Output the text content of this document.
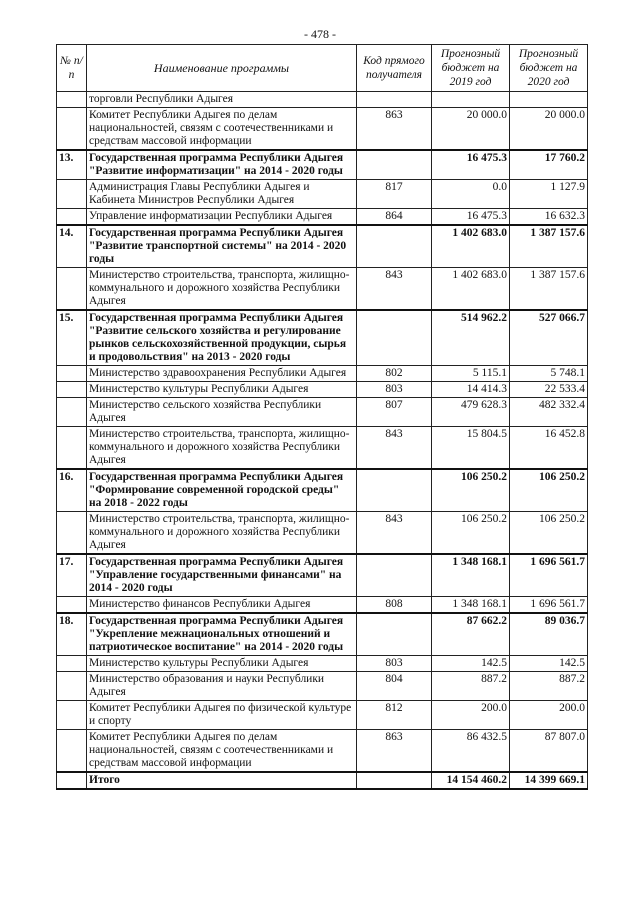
- 478 -
№ п/п	Наименование программы	Код прямого получателя	Прогнозный бюджет на 2019 год	Прогнозный бюджет на 2020 год
	торговли Республики Адыгея			
	Комитет Республики Адыгея по делам национальностей, связям с соотечественниками и средствам массовой информации	863	20 000.0	20 000.0
13.	Государственная программа Республики Адыгея "Развитие информатизации" на 2014 - 2020 годы		16 475.3	17 760.2
	Администрация Главы Республики Адыгея и Кабинета Министров Республики Адыгея	817	0.0	1 127.9
	Управление информатизации Республики Адыгея	864	16 475.3	16 632.3
14.	Государственная программа Республики Адыгея "Развитие транспортной системы" на 2014 - 2020 годы		1 402 683.0	1 387 157.6
	Министерство строительства, транспорта, жилищно-коммунального и дорожного хозяйства Республики Адыгея	843	1 402 683.0	1 387 157.6
15.	Государственная программа Республики Адыгея "Развитие сельского хозяйства и регулирование рынков сельскохозяйственной продукции, сырья и продовольствия" на 2013 - 2020 годы		514 962.2	527 066.7
	Министерство здравоохранения Республики Адыгея	802	5 115.1	5 748.1
	Министерство культуры Республики Адыгея	803	14 414.3	22 533.4
	Министерство сельского хозяйства Республики Адыгея	807	479 628.3	482 332.4
	Министерство строительства, транспорта, жилищно-коммунального и дорожного хозяйства Республики Адыгея	843	15 804.5	16 452.8
16.	Государственная программа Республики Адыгея "Формирование современной городской среды" на 2018 - 2022 годы		106 250.2	106 250.2
	Министерство строительства, транспорта, жилищно-коммунального и дорожного хозяйства Республики Адыгея	843	106 250.2	106 250.2
17.	Государственная программа Республики Адыгея "Управление государственными финансами" на 2014 - 2020 годы		1 348 168.1	1 696 561.7
	Министерство финансов Республики Адыгея	808	1 348 168.1	1 696 561.7
18.	Государственная программа Республики Адыгея "Укрепление межнациональных отношений и патриотическое воспитание" на 2014 - 2020 годы		87 662.2	89 036.7
	Министерство культуры Республики Адыгея	803	142.5	142.5
	Министерство образования и науки Республики Адыгея	804	887.2	887.2
	Комитет Республики Адыгея по физической культуре и спорту	812	200.0	200.0
	Комитет Республики Адыгея по делам национальностей, связям с соотечественниками и средствам массовой информации	863	86 432.5	87 807.0
	Итого		14 154 460.2	14 399 669.1
